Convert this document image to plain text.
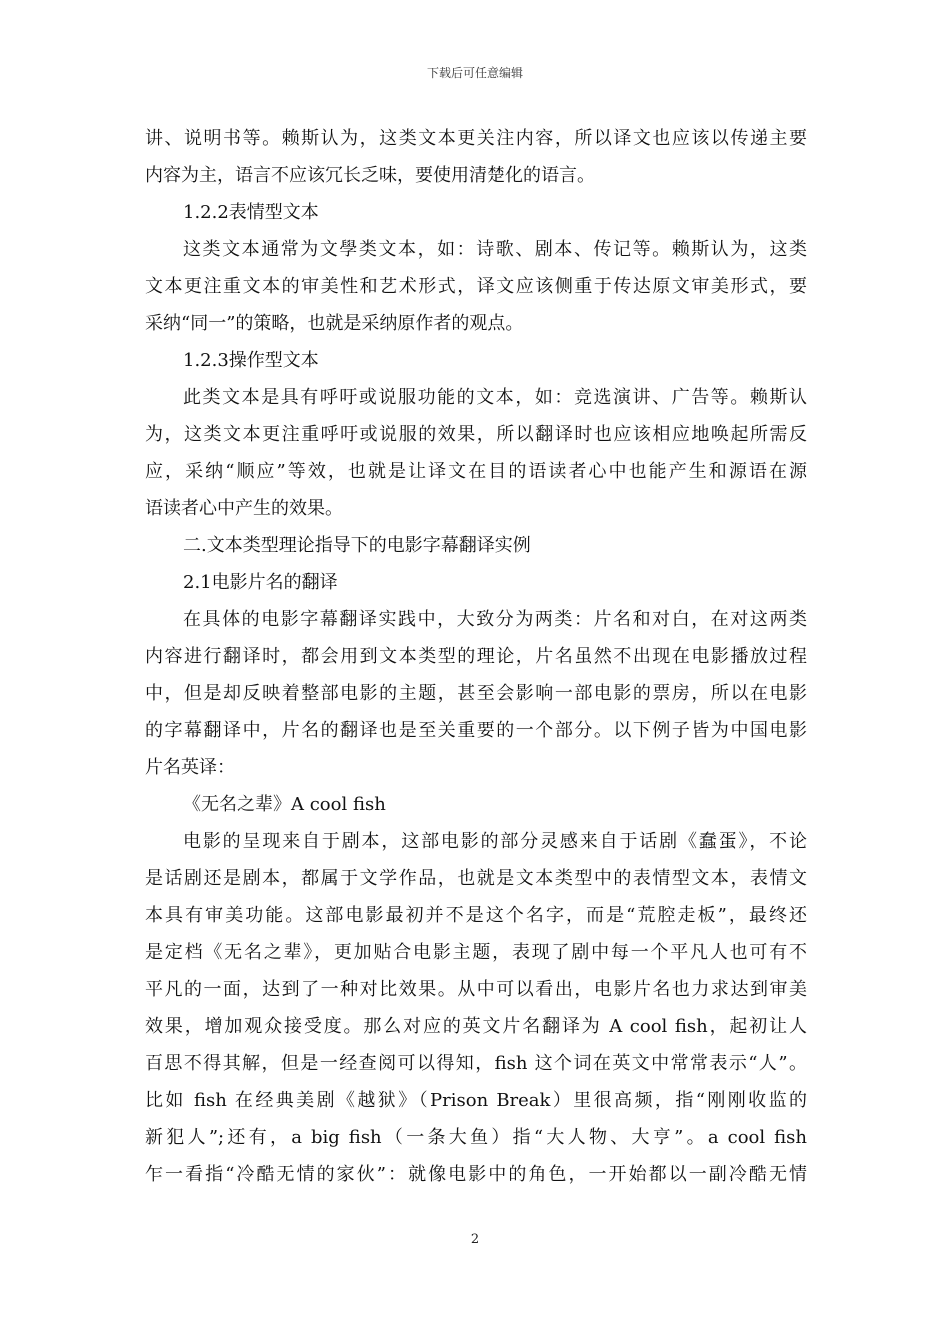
下载后可任意编辑
讲、说明书等。赖斯认为，这类文本更关注内容，所以译文也应该以传递主要
内容为主，语言不应该冗长乏味，要使用清楚化的语言。
1.2.2表情型文本
这类文本通常为文學类文本，如：诗歌、剧本、传记等。赖斯认为，这类
文本更注重文本的审美性和艺术形式，译文应该侧重于传达原文审美形式，要
采纳“同一”的策略，也就是采纳原作者的观点。
1.2.3操作型文本
此类文本是具有呼吁或说服功能的文本，如：竞选演讲、广告等。赖斯认
为，这类文本更注重呼吁或说服的效果，所以翻译时也应该相应地唤起所需反
应，采纳“顺应”等效，也就是让译文在目的语读者心中也能产生和源语在源
语读者心中产生的效果。
二.文本类型理论指导下的电影字幕翻译实例
2.1电影片名的翻译
在具体的电影字幕翻译实践中，大致分为两类：片名和对白，在对这两类
内容进行翻译时，都会用到文本类型的理论，片名虽然不出现在电影播放过程
中，但是却反映着整部电影的主题，甚至会影响一部电影的票房，所以在电影
的字幕翻译中，片名的翻译也是至关重要的一个部分。以下例子皆为中国电影
片名英译：
《无名之辈》A cool fish
电影的呈现来自于剧本，这部电影的部分灵感来自于话剧《蠢蛋》，不论
是话剧还是剧本，都属于文学作品，也就是文本类型中的表情型文本，表情文
本具有审美功能。这部电影最初并不是这个名字，而是“荒腔走板”，最终还
是定档《无名之辈》，更加贴合电影主题，表现了剧中每一个平凡人也可有不
平凡的一面，达到了一种对比效果。从中可以看出，电影片名也力求达到审美
效果，增加观众接受度。那么对应的英文片名翻译为 A cool fish，起初让人
百思不得其解，但是一经查阅可以得知，fish 这个词在英文中常常表示“人”。
比如 fish 在经典美剧《越狱》（Prison Break）里很高频，指“刚刚收监的
新犯人”;还有，a big fish（一条大鱼）指“大人物、大亨”。a cool fish
乍一看指“冷酷无情的家伙”：就像电影中的角色，一开始都以一副冷酷无情
2
